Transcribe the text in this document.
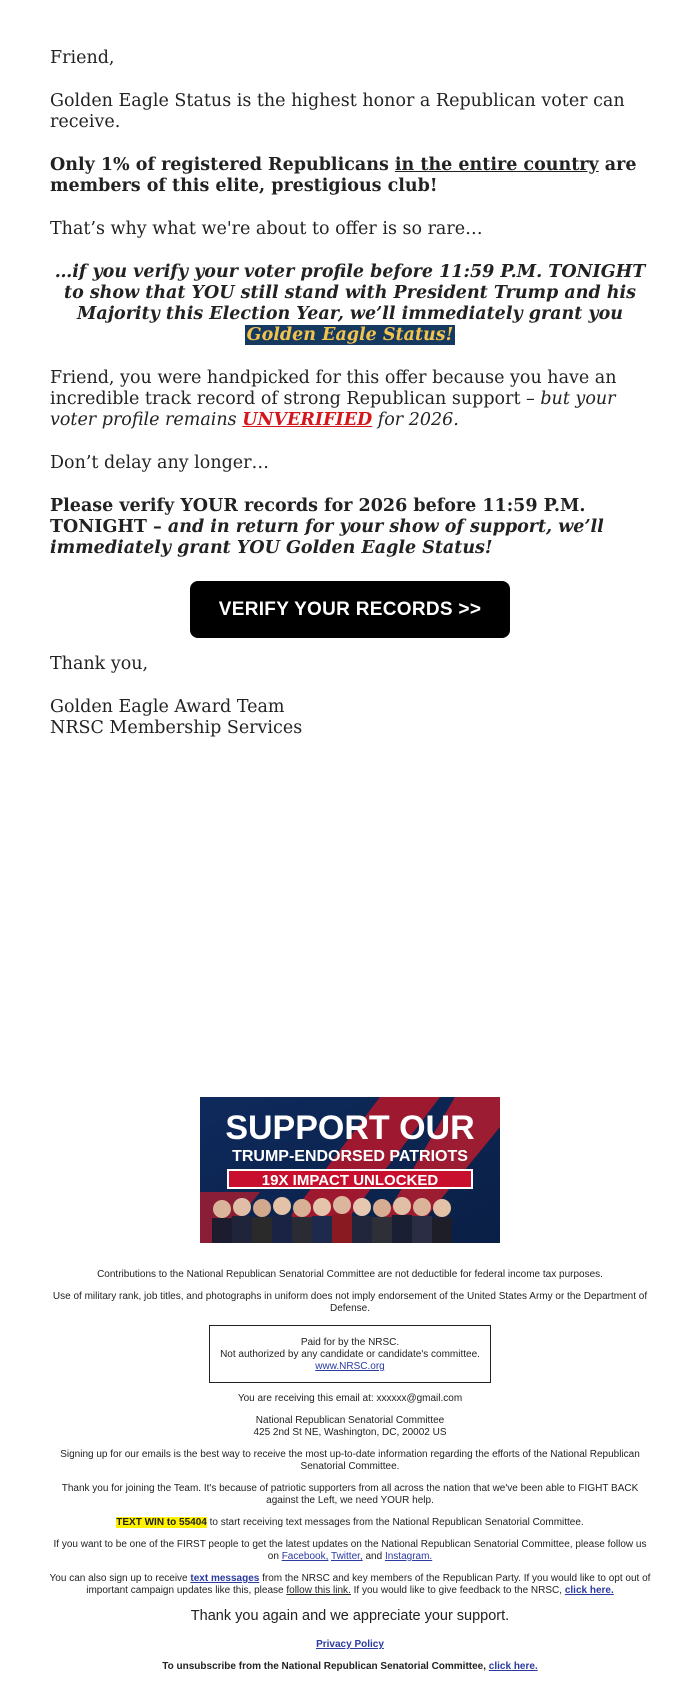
Friend,

Golden Eagle Status is the highest honor a Republican voter can receive.

Only 1% of registered Republicans in the entire country are members of this elite, prestigious club!

That’s why what we're about to offer is so rare…

…if you verify your voter profile before 11:59 P.M. TONIGHT to show that YOU still stand with President Trump and his Majority this Election Year, we’ll immediately grant you Golden Eagle Status!

Friend, you were handpicked for this offer because you have an incredible track record of strong Republican support – but your voter profile remains UNVERIFIED for 2026.

Don’t delay any longer…

Please verify YOUR records for 2026 before 11:59 P.M. TONIGHT – and in return for your show of support, we’ll immediately grant YOU Golden Eagle Status!

VERIFY YOUR RECORDS >>

Thank you,

Golden Eagle Award Team

NRSC Membership Services

SUPPORT OUR
TRUMP-ENDORSED PATRIOTS
19X IMPACT UNLOCKED

Contributions to the National Republican Senatorial Committee are not deductible for federal income tax purposes.

Use of military rank, job titles, and photographs in uniform does not imply endorsement of the United States Army or the Department of Defense.

Paid for by the NRSC.
Not authorized by any candidate or candidate's committee.
www.NRSC.org

You are receiving this email at: xxxxxx@gmail.com

National Republican Senatorial Committee
425 2nd St NE, Washington, DC, 20002 US

Signing up for our emails is the best way to receive the most up-to-date information regarding the efforts of the National Republican Senatorial Committee.

Thank you for joining the Team. It's because of patriotic supporters from all across the nation that we've been able to FIGHT BACK against the Left, we need YOUR help.

TEXT WIN to 55404 to start receiving text messages from the National Republican Senatorial Committee.

If you want to be one of the FIRST people to get the latest updates on the National Republican Senatorial Committee, please follow us on Facebook, Twitter, and Instagram.

You can also sign up to receive text messages from the NRSC and key members of the Republican Party. If you would like to opt out of important campaign updates like this, please follow this link. If you would like to give feedback to the NRSC, click here.

Thank you again and we appreciate your support.

Privacy Policy

To unsubscribe from the National Republican Senatorial Committee, click here.
